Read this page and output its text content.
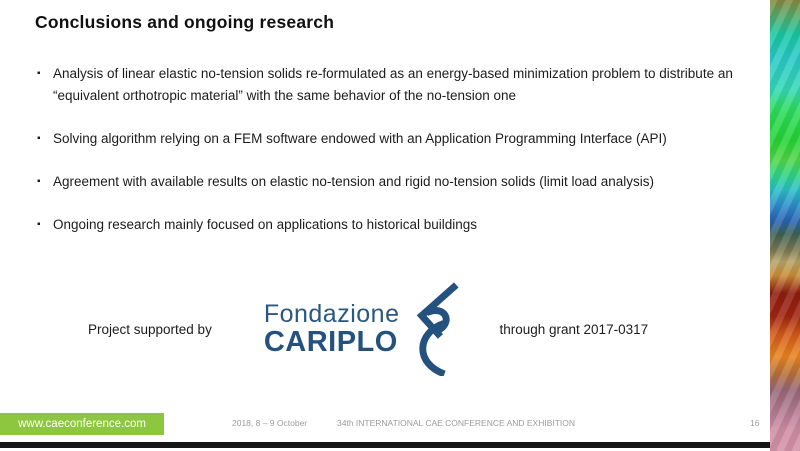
Conclusions and ongoing research
▪ Analysis of linear elastic no-tension solids re-formulated as an energy-based minimization problem to distribute an “equivalent orthotropic material” with the same behavior of the no-tension one
▪ Solving algorithm relying on a FEM software endowed with an Application Programming Interface (API)
▪ Agreement with available results on elastic no-tension and rigid no-tension solids (limit load analysis)
▪ Ongoing research mainly focused on applications to historical buildings
Project supported by
Fondazione
CARIPLO	through grant 2017-0317
www.caeconference.com	2018, 8 – 9 October	34th INTERNATIONAL CAE CONFERENCE AND EXHIBITION	16
